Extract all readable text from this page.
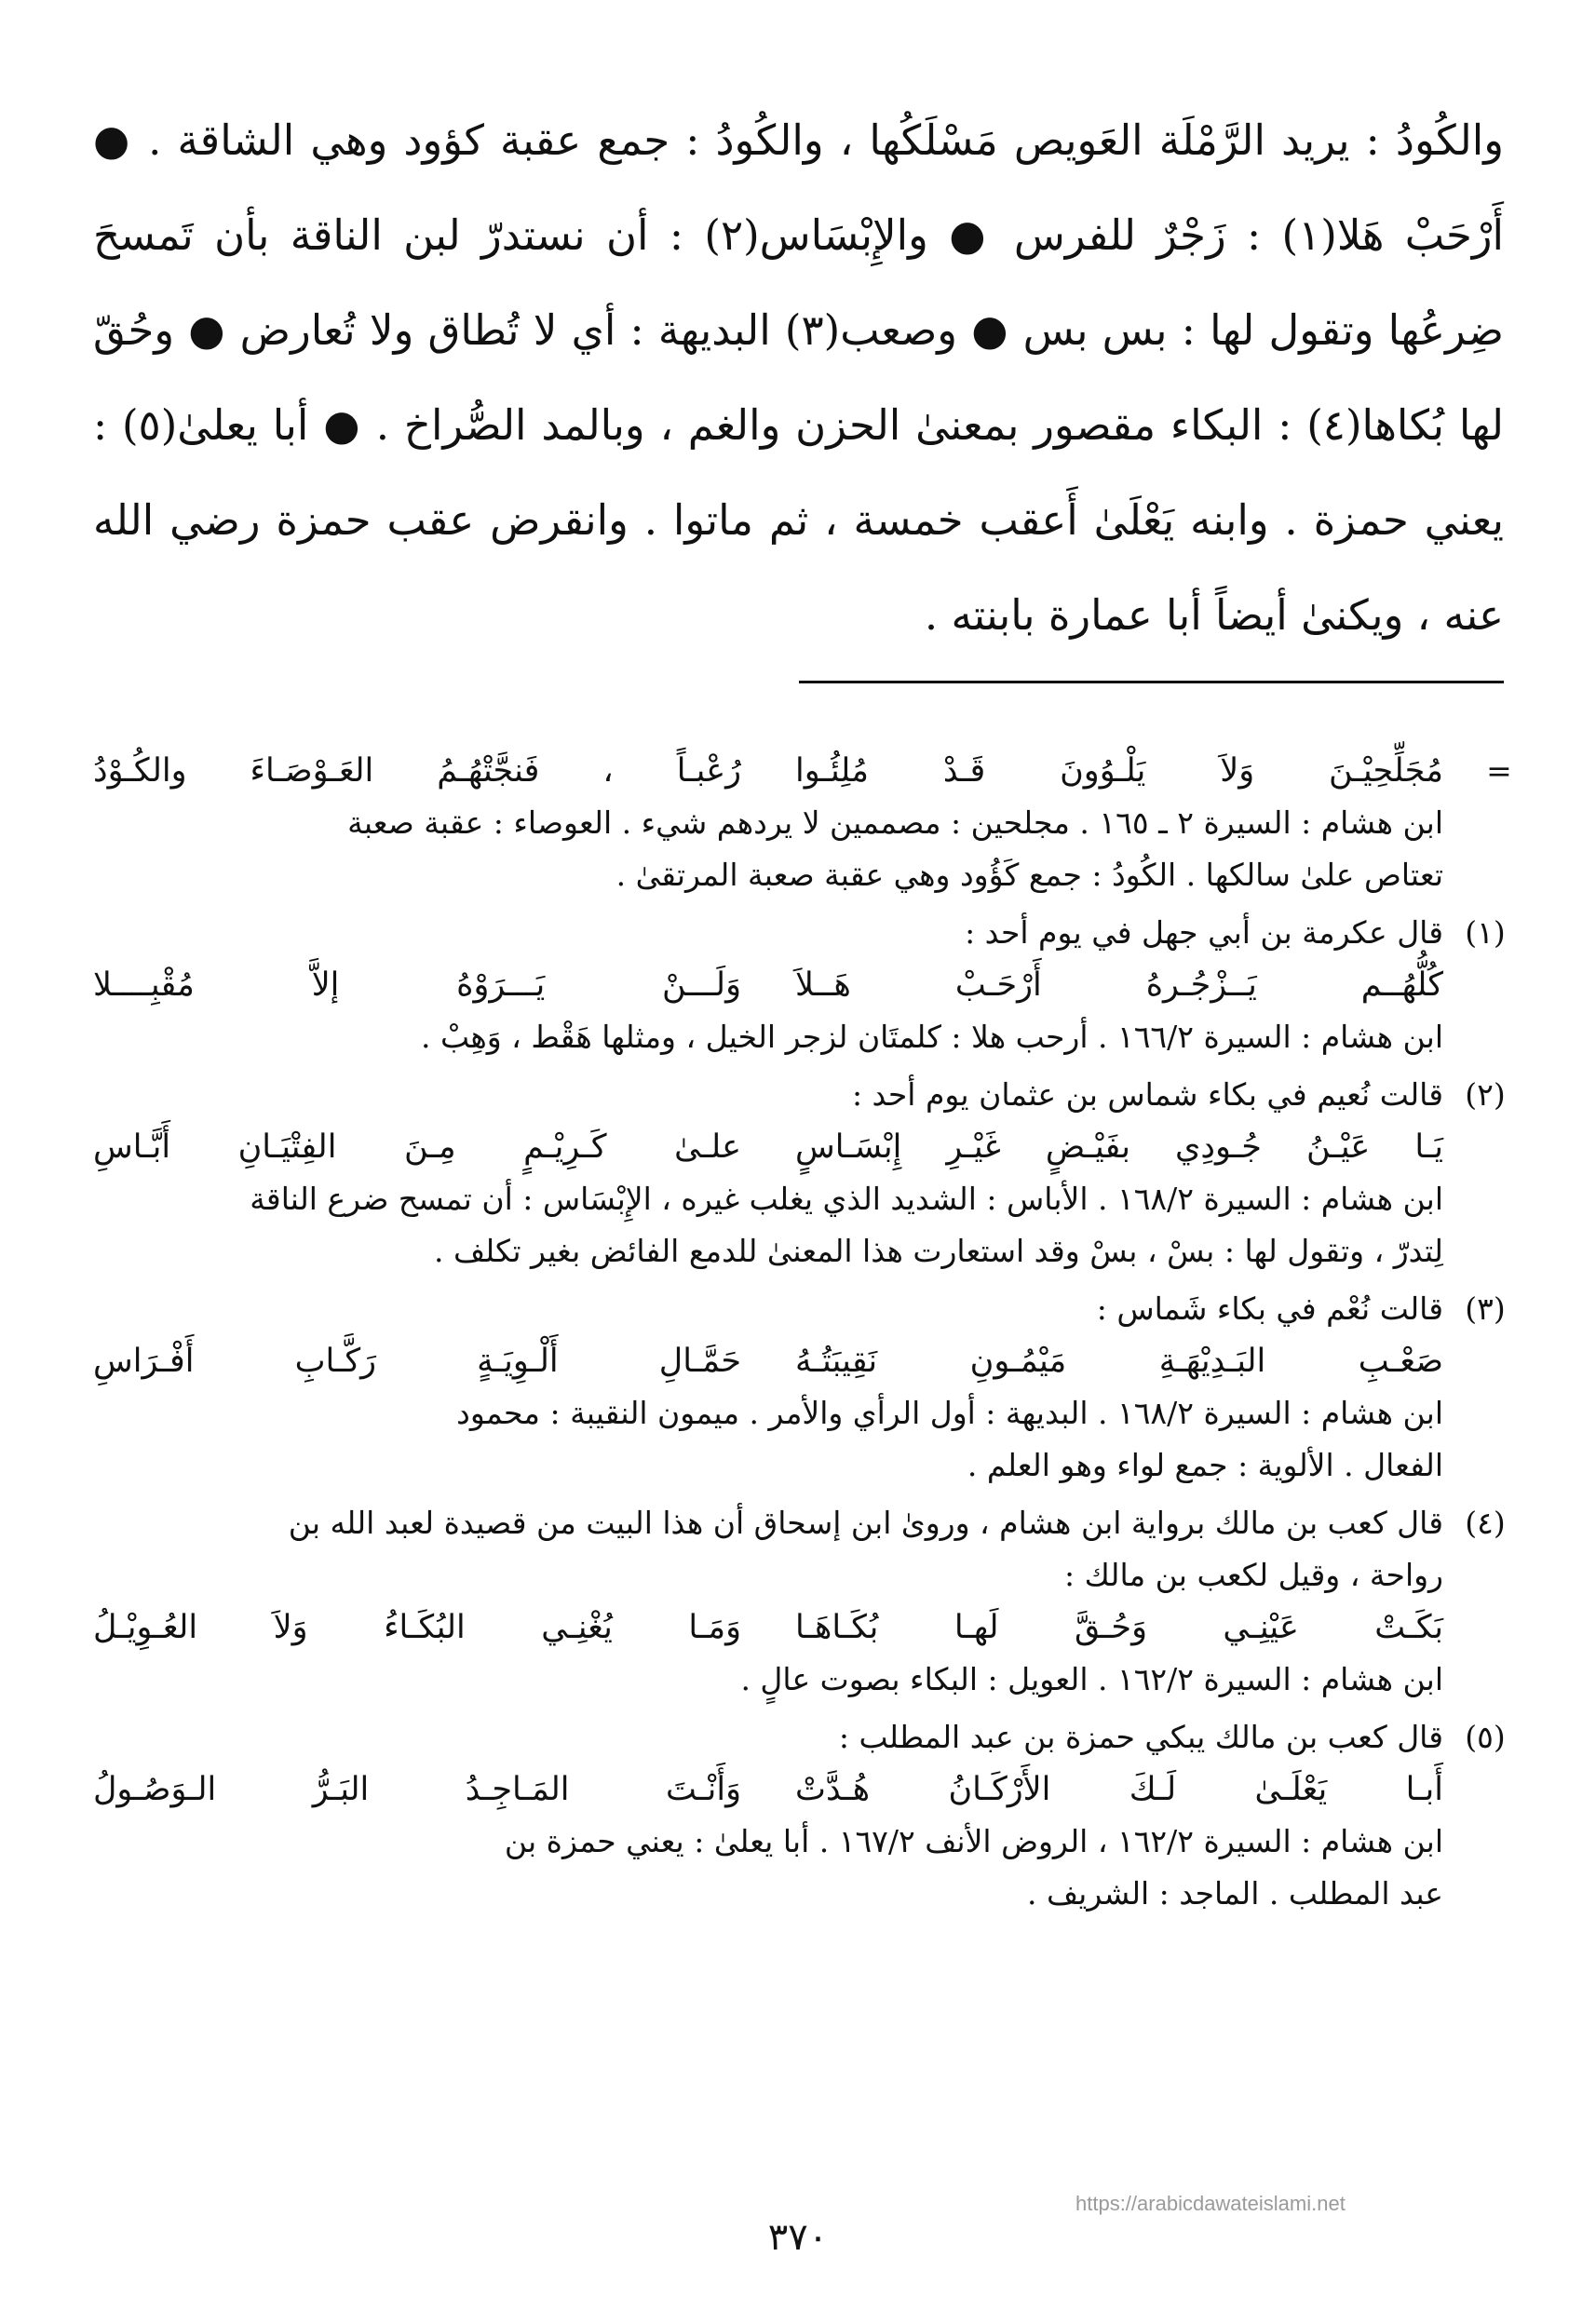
والكُودُ : يريد الرَّمْلَة العَويص مَسْلَكُها ، والكُودُ : جمع عقبة كؤود وهي الشاقة . ● أَرْحَبْ هَلا(١) : زَجْرٌ للفرس ● والإِبْسَاس(٢) : أن نستدرّ لبن الناقة بأن تَمسحَ ضِرعُها وتقول لها : بس بس ● وصعب(٣) البديهة : أي لا تُطاق ولا تُعارض ● وحُقّ لها بُكاها(٤) : البكاء مقصور بمعنىٰ الحزن والغم ، وبالمد الصُّراخ . ● أبا يعلىٰ(٥) : يعني حمزة . وابنه يَعْلَىٰ أَعقب خمسة ، ثم ماتوا . وانقرض عقب حمزة رضي الله عنه ، ويكنىٰ أيضاً أبا عمارة بابنته .

=
مُجَلِّحِيْـنَ وَلاَ يَلْـوُونَ قَـدْ مُلِئُـوا
رُعْبـاً ، فَنجَّتْهُـمُ العَـوْصَـاءَ والكُـوْدُ

ابن هشام : السيرة ٢ ـ ١٦٥ . مجلحين : مصممين لا يردهم شيء . العوصاء : عقبة صعبة

تعتاص علىٰ سالكها . الكُودُ : جمع كَؤُود وهي عقبة صعبة المرتقىٰ .

(١)

قال عكرمة بن أبي جهل في يوم أحد :

كُلُّهُــم يَــزْجُـرهُ أَرْحَـبْ هَــلاَ
وَلَـــنْ يَـــرَوْهُ إلاَّ مُقْبِــــلا

ابن هشام : السيرة ١٦٦/٢ . أرحب هلا : كلمتَان لزجر الخيل ، ومثلها هَقْط ، وَهِبْ .

(٢)

قالت نُعيم في بكاء شماس بن عثمان يوم أحد :

يَـا عَيْـنُ جُـودِي بفَيْـضٍ غَيْـرِ إِبْسَـاسٍ
علـىٰ كَـرِيْـمٍ مِـنَ الفِتْيَـانِ أَبَّـاسِ

ابن هشام : السيرة ١٦٨/٢ . الأباس : الشديد الذي يغلب غيره ، الإِبْسَاس : أن تمسح ضرع الناقة

لِتدرّ ، وتقول لها : بسْ ، بسْ وقد استعارت هذا المعنىٰ للدمع الفائض بغير تكلف .

(٣)

قالت نُعْم في بكاء شَماس :

صَعْـبِ البَـدِيْهَـةِ مَيْمُـونِ نَقِيبَتُـهُ
حَمَّـالِ أَلْـوِيَـةٍ رَكَّـابِ أَفْـرَاسِ

ابن هشام : السيرة ١٦٨/٢ . البديهة : أول الرأي والأمر . ميمون النقيبة : محمود

الفعال . الألوية : جمع لواء وهو العلم .

(٤)

قال كعب بن مالك برواية ابن هشام ، وروىٰ ابن إسحاق أن هذا البيت من قصيدة لعبد الله بن

رواحة ، وقيل لكعب بن مالك :

بَكَـتْ عَيْنِـي وَحُـقَّ لَهـا بُكَـاهَـا
وَمَـا يُغْنِـي البُكَـاءُ وَلاَ العُـوِيْـلُ

ابن هشام : السيرة ١٦٢/٢ . العويل : البكاء بصوت عالٍ .

(٥)

قال كعب بن مالك يبكي حمزة بن عبد المطلب :

أَبـا يَعْلَـىٰ لَـكَ الأَرْكَـانُ هُـدَّتْ
وَأَنْـتَ المَـاجِـدُ البَـرُّ الـوَصُـولُ

ابن هشام : السيرة ١٦٢/٢ ، الروض الأنف ١٦٧/٢ . أبا يعلىٰ : يعني حمزة بن

عبد المطلب . الماجد : الشريف .

https://arabicdawateislami.net
٣٧٠
